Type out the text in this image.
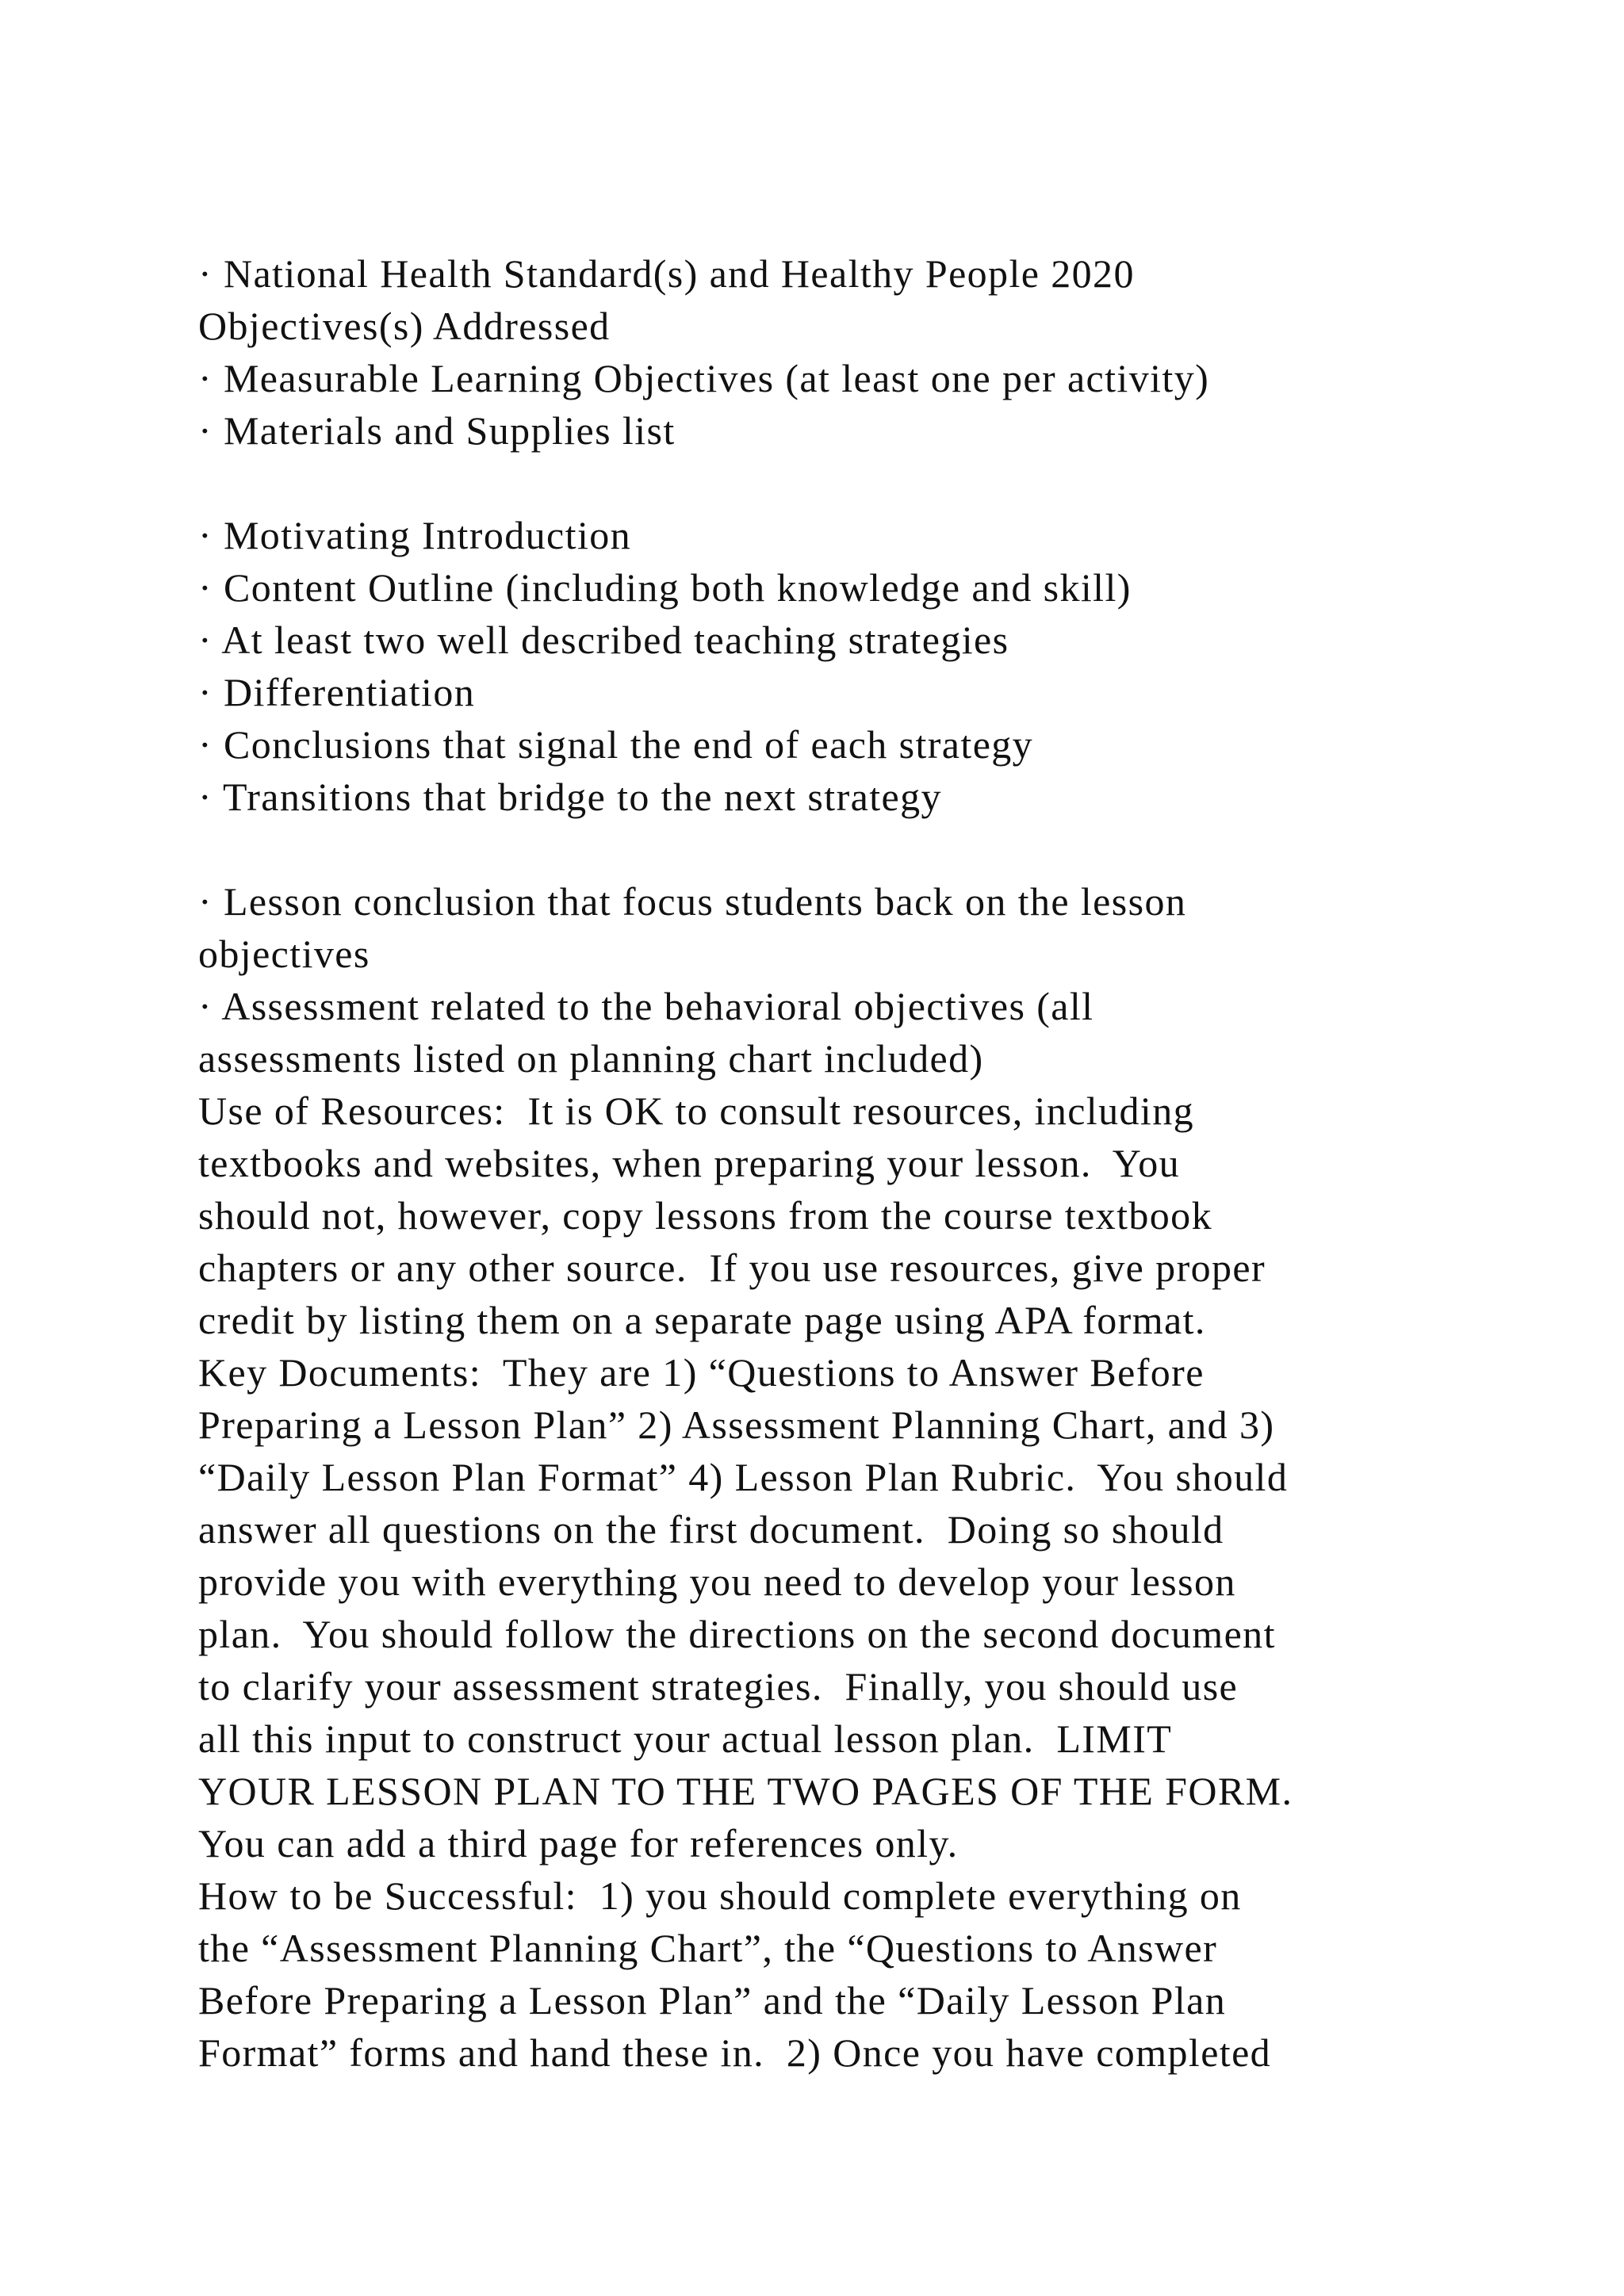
· National Health Standard(s) and Healthy People 2020
Objectives(s) Addressed
· Measurable Learning Objectives (at least one per activity)
· Materials and Supplies list
· Motivating Introduction
· Content Outline (including both knowledge and skill)
· At least two well described teaching strategies
· Differentiation
· Conclusions that signal the end of each strategy
· Transitions that bridge to the next strategy
· Lesson conclusion that focus students back on the lesson
objectives
· Assessment related to the behavioral objectives (all
assessments listed on planning chart included)
Use of Resources:  It is OK to consult resources, including
textbooks and websites, when preparing your lesson.  You
should not, however, copy lessons from the course textbook
chapters or any other source.  If you use resources, give proper
credit by listing them on a separate page using APA format.
Key Documents:  They are 1) “Questions to Answer Before
Preparing a Lesson Plan” 2) Assessment Planning Chart, and 3)
“Daily Lesson Plan Format” 4) Lesson Plan Rubric.  You should
answer all questions on the first document.  Doing so should
provide you with everything you need to develop your lesson
plan.  You should follow the directions on the second document
to clarify your assessment strategies.  Finally, you should use
all this input to construct your actual lesson plan.  LIMIT
YOUR LESSON PLAN TO THE TWO PAGES OF THE FORM.
You can add a third page for references only.
How to be Successful:  1) you should complete everything on
the “Assessment Planning Chart”, the “Questions to Answer
Before Preparing a Lesson Plan” and the “Daily Lesson Plan
Format” forms and hand these in.  2) Once you have completed
